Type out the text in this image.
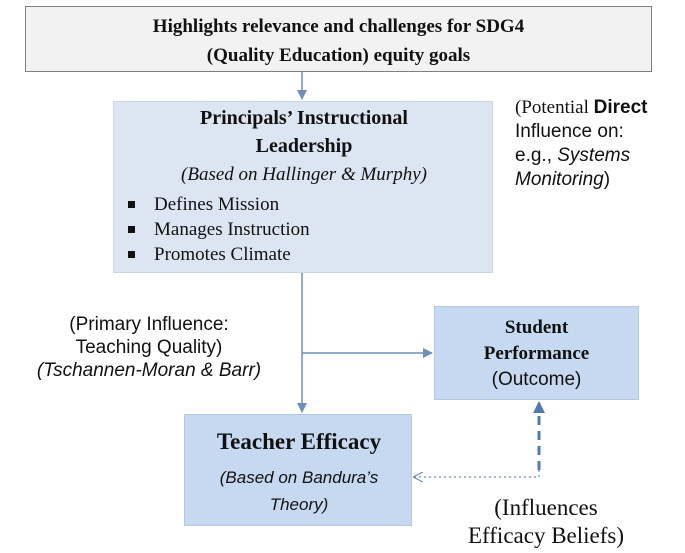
Highlights relevance and challenges for SDG4
(Quality Education) equity goals
Principals’ Instructional
Leadership
(Based on Hallinger & Murphy)
Defines Mission
Manages Instruction
Promotes Climate
(Potential Direct
Influence on:
e.g., Systems
Monitoring)
(Primary Influence:
Teaching Quality)
(Tschannen-Moran & Barr)
Student
Performance
(Outcome)
Teacher Efficacy
(Based on Bandura’s
Theory)	(Influences
Efficacy Beliefs)
